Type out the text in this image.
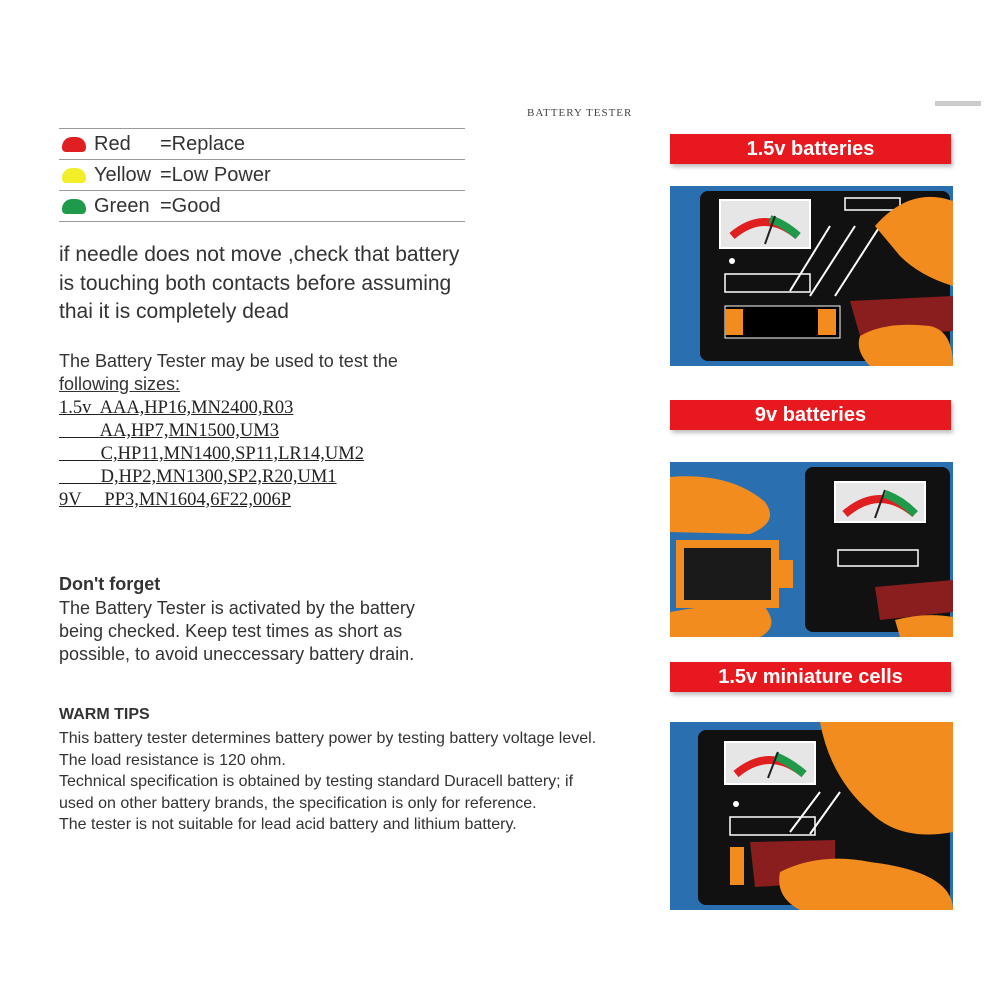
BATTERY TESTER
Red	=Replace
Yellow =Low Power
Green =Good
if needle does not move ,check that battery is touching both contacts before assuming thai it is completely dead
The Battery Tester may be used to test the
following sizes:
1.5v  AAA,HP16,MN2400,R03
AA,HP7,MN1500,UM3
C,HP11,MN1400,SP11,LR14,UM2
D,HP2,MN1300,SP2,R20,UM1
9V     PP3,MN1604,6F22,006P
Don't forget
The Battery Tester is activated by the battery being checked. Keep test times as short as possible, to avoid uneccessary battery drain.
WARM TIPS
This battery tester determines battery power by testing battery voltage level.
The load resistance is 120 ohm.
Technical specification is obtained by testing standard Duracell battery; if used on other battery brands, the specification is only for reference.
The tester is not suitable for lead acid battery and lithium battery.
1.5v batteries
9v batteries
1.5v miniature cells
